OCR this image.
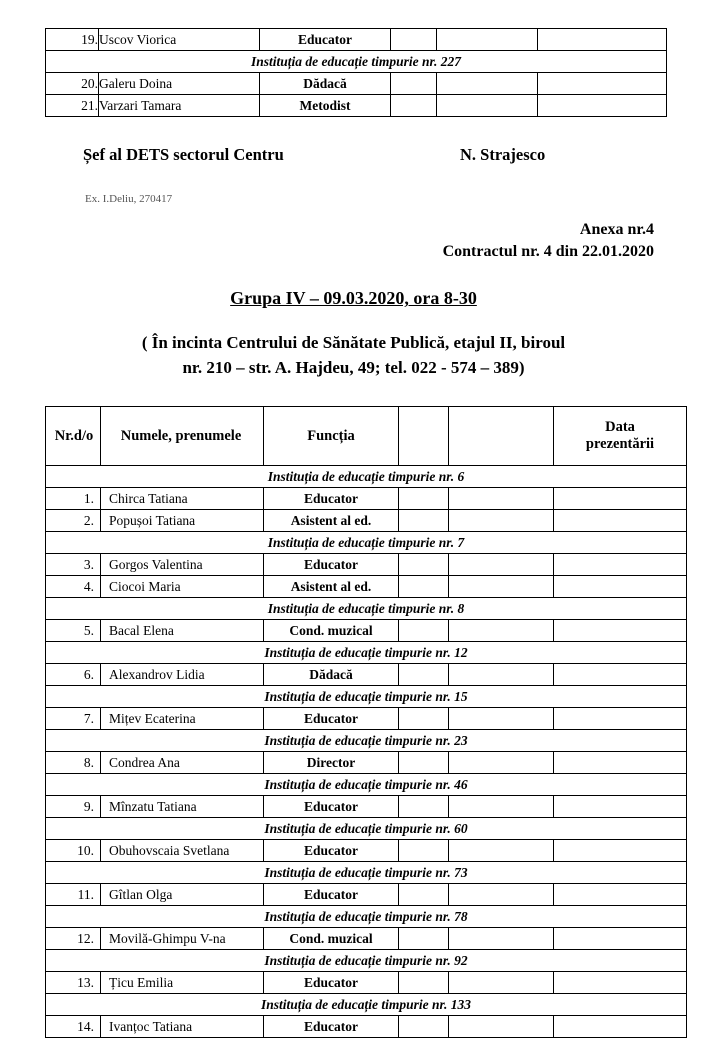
19.	Uscov Viorica	Educator			
Instituția de educație timpurie nr. 227					
20.	Galeru Doina	Dădacă			
21.	Varzari Tamara	Metodist			
Șef al DETS sectorul Centru	N. Strajesco
Ex. I.Deliu, 270417
Anexa nr.4
Contractul nr. 4 din 22.01.2020
Grupa IV – 09.03.2020, ora 8-30
( În incinta Centrului de Sănătate Publică, etajul II, biroul
nr. 210 – str. A. Hajdeu, 49; tel. 022 - 574 – 389)
Nr.d/o	Numele, prenumele	Funcția			Data
prezentării

Instituția de educație timpurie nr. 6					
1.	Chirca Tatiana	Educator			
2.	Popușoi Tatiana	Asistent al ed.			
Instituția de educație timpurie nr. 7					
3.	Gorgos Valentina	Educator			
4.	Ciocoi Maria	Asistent al ed.			
Instituția de educație timpurie nr. 8					
5.	Bacal Elena	Cond. muzical			
Instituția de educație timpurie nr. 12					
6.	Alexandrov Lidia	Dădacă			
Instituția de educație timpurie nr. 15					
7.	Mițev Ecaterina	Educator			
Instituția de educație timpurie nr. 23					
8.	Condrea Ana	Director			
Instituția de educație timpurie nr. 46					
9.	Mînzatu Tatiana	Educator			
Instituția de educație timpurie nr. 60					
10.	Obuhovscaia Svetlana	Educator			
Instituția de educație timpurie nr. 73					
11.	Gîtlan Olga	Educator			
Instituția de educație timpurie nr. 78					
12.	Movilă-Ghimpu V-na	Cond. muzical			
Instituția de educație timpurie nr. 92					
13.	Țicu Emilia	Educator			
Instituția de educație timpurie nr. 133					
14.	Ivanțoc Tatiana	Educator			
